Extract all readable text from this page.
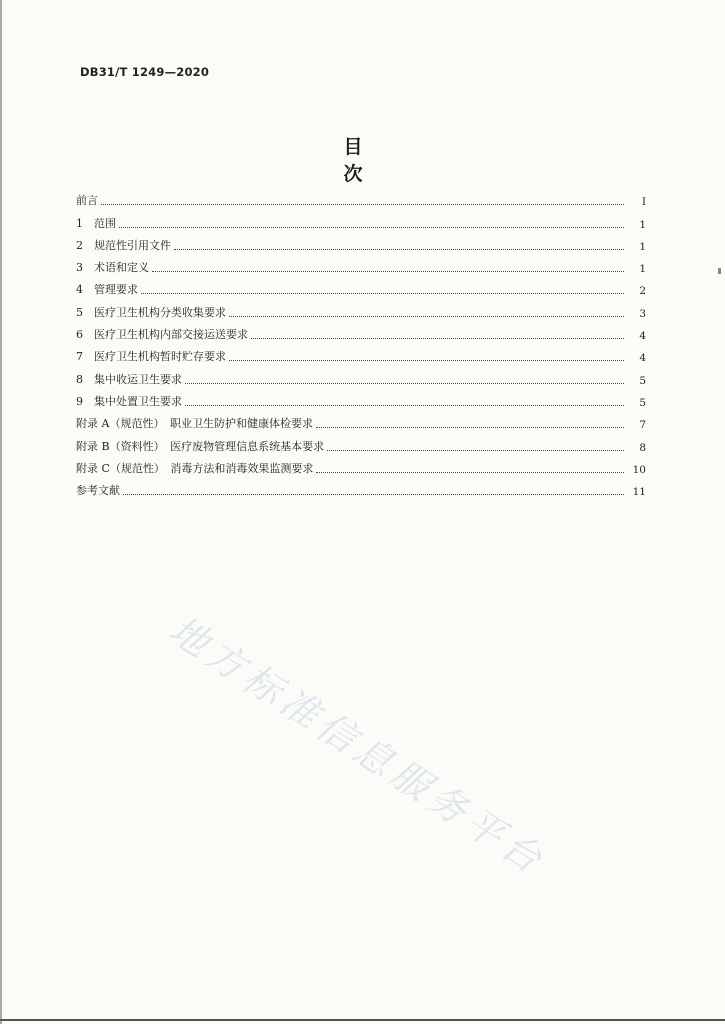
DB31/T 1249—2020
目 次
前言	I
1　范围	1
2　规范性引用文件	1
3　术语和定义	1
4　管理要求	2
5　医疗卫生机构分类收集要求	3
6　医疗卫生机构内部交接运送要求	4
7　医疗卫生机构暂时贮存要求	4
8　集中收运卫生要求	5
9　集中处置卫生要求	5
附录 A（规范性）　职业卫生防护和健康体检要求	7
附录 B（资料性）　医疗废物管理信息系统基本要求	8
附录 C（规范性）　消毒方法和消毒效果监测要求	10
参考文献	11
地方标准信息服务平台
